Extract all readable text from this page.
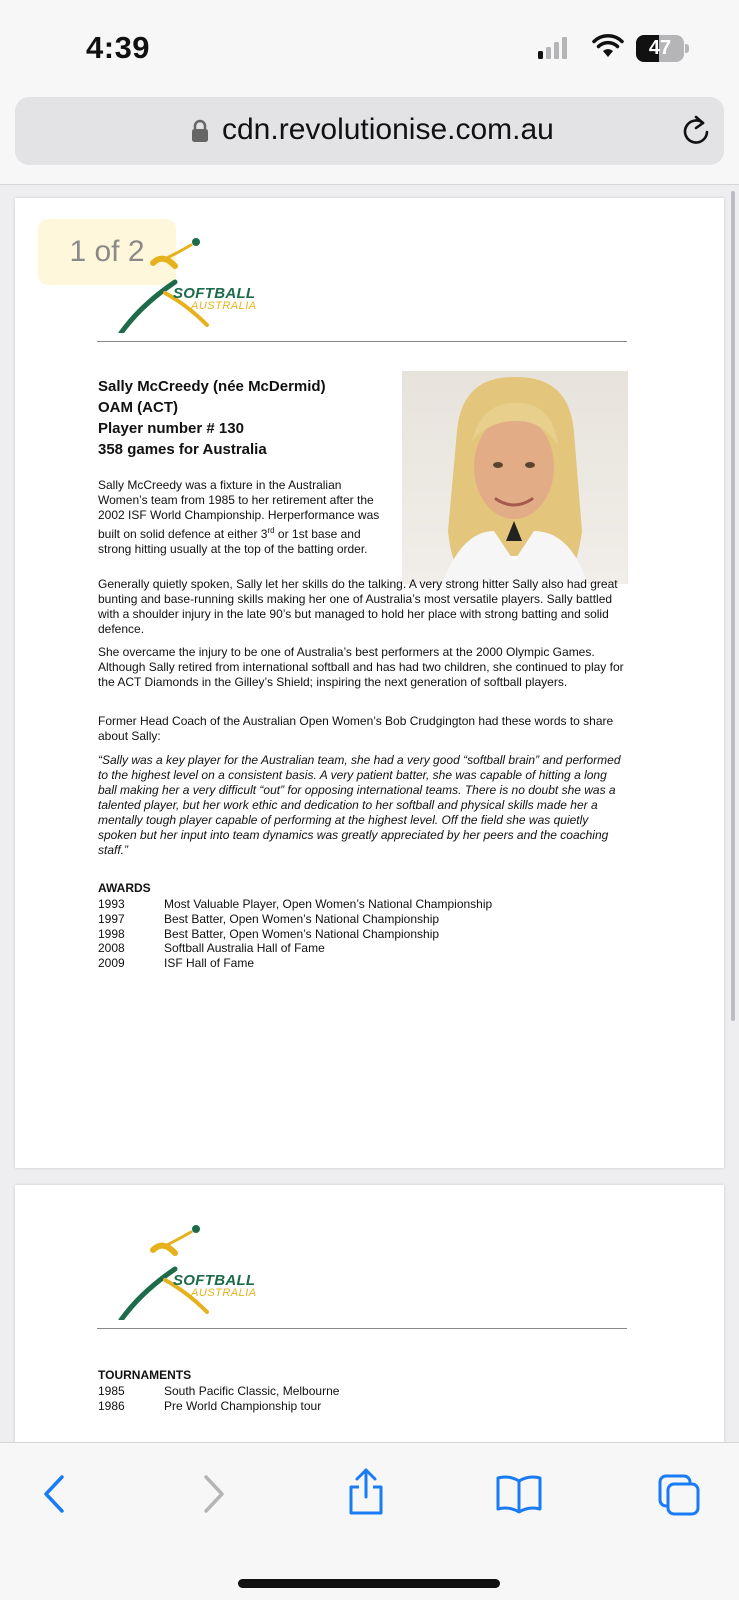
4:39	47
cdn.revolutionise.com.au
1 of 2
SOFTBALL
AUSTRALIA
Sally McCreedy (née McDermid)
OAM (ACT)
Player number # 130
358 games for Australia
Sally McCreedy was a fixture in the Australian Women’s team from 1985 to her retirement after the 2002 ISF World Championship. Herperformance was built on solid defence at either 3rd or 1st base and strong hitting usually at the top of the batting order.
Generally quietly spoken, Sally let her skills do the talking. A very strong hitter Sally also had great bunting and base-running skills making her one of Australia’s most versatile players. Sally battled with a shoulder injury in the late 90’s but managed to hold her place with strong batting and solid defence.
She overcame the injury to be one of Australia’s best performers at the 2000 Olympic Games. Although Sally retired from international softball and has had two children, she continued to play for the ACT Diamonds in the Gilley’s Shield; inspiring the next generation of softball players.
Former Head Coach of the Australian Open Women’s Bob Crudgington had these words to share about Sally:
“Sally was a key player for the Australian team, she had a very good “softball brain” and performed to the highest level on a consistent basis. A very patient batter, she was capable of hitting a long ball making her a very difficult “out” for opposing international teams. There is no doubt she was a talented player, but her work ethic and dedication to her softball and physical skills made her a mentally tough player capable of performing at the highest level. Off the field she was quietly spoken but her input into team dynamics was greatly appreciated by her peers and the coaching staff.”
AWARDS
1993	Most Valuable Player, Open Women’s National Championship
1997	Best Batter, Open Women’s National Championship
1998	Best Batter, Open Women’s National Championship
2008	Softball Australia Hall of Fame
2009	ISF Hall of Fame
SOFTBALL
AUSTRALIA
TOURNAMENTS
1985	South Pacific Classic, Melbourne
1986	Pre World Championship tour
